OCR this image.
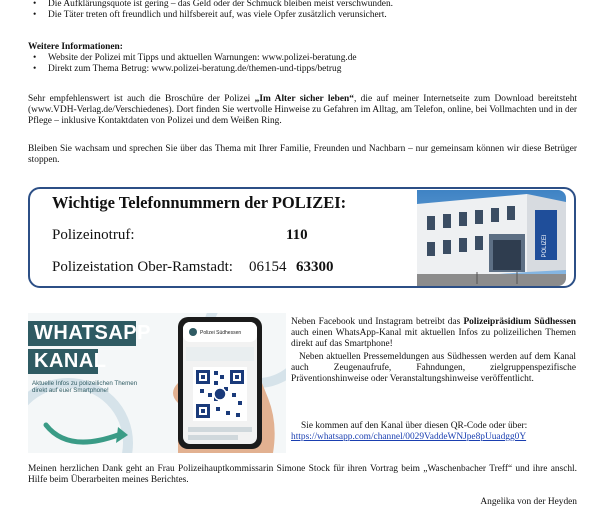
• Die Aufklärungsquote ist gering – das Geld oder der Schmuck bleiben meist verschwunden.
• Die Täter treten oft freundlich und hilfsbereit auf, was viele Opfer zusätzlich verunsichert.
Weitere Informationen:
• Website der Polizei mit Tipps und aktuellen Warnungen: www.polizei-beratung.de
• Direkt zum Thema Betrug: www.polizei-beratung.de/themen-und-tipps/betrug
Sehr empfehlenswert ist auch die Broschüre der Polizei „Im Alter sicher leben“, die auf meiner Internetseite zum Download bereitsteht (www.VDH-Verlag.de/Verschiedenes). Dort finden Sie wertvolle Hinweise zu Gefahren im Alltag, am Telefon, online, bei Vollmachten und in der Pflege – inklusive Kontaktdaten von Polizei und dem Weißen Ring.
Bleiben Sie wachsam und sprechen Sie über das Thema mit Ihrer Familie, Freunden und Nachbarn – nur gemeinsam können wir diese Betrüger stoppen.
Wichtige Telefonnummern der POLIZEI:
Polizeinotruf:	110
Polizeistation Ober-Ramstadt: 06154 63300
POLIZEI
WHATSAPP
KANAL
Aktuelle Infos zu polizeilichen Themen direkt auf euer Smartphone!
Polizei Südhessen
Neben Facebook und Instagram betreibt das Polizeipräsidium Südhessen auch einen WhatsApp-Kanal mit aktuellen Infos zu polizeilichen Themen direkt auf das Smartphone!
Neben aktuellen Pressemeldungen aus Südhessen werden auf dem Kanal auch Zeugenaufrufe, Fahndungen, zielgruppenspezifische Präventionshinweise oder Veranstaltungshinweise veröffentlicht.
Sie kommen auf den Kanal über diesen QR-Code oder über:
https://whatsapp.com/channel/0029VaddeWNJpe8pUuadgg0Y
Meinen herzlichen Dank geht an Frau Polizeihauptkommissarin Simone Stock für ihren Vortrag beim „Waschenbacher Treff“ und ihre anschl. Hilfe beim Überarbeiten meines Berichtes.
Angelika von der Heyden
